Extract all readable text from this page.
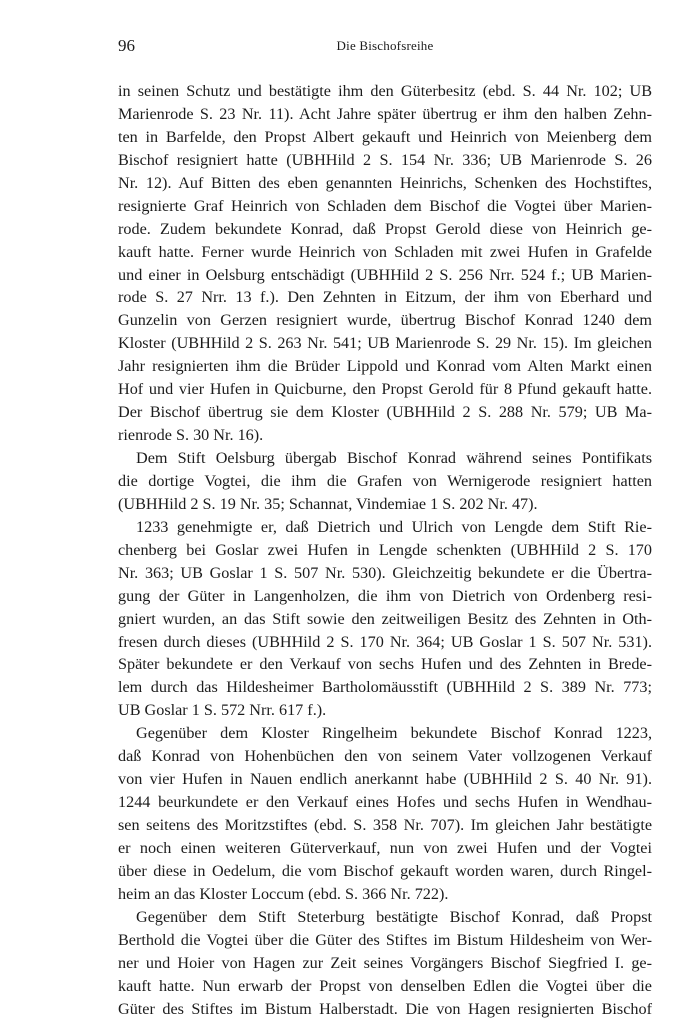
96	Die Bischofsreihe
in seinen Schutz und bestätigte ihm den Güterbesitz (ebd. S. 44 Nr. 102; UB
Marienrode S. 23 Nr. 11). Acht Jahre später übertrug er ihm den halben Zehn-
ten in Barfelde, den Propst Albert gekauft und Heinrich von Meienberg dem
Bischof resigniert hatte (UBHHild 2 S. 154 Nr. 336; UB Marienrode S. 26
Nr. 12). Auf Bitten des eben genannten Heinrichs, Schenken des Hochstiftes,
resignierte Graf Heinrich von Schladen dem Bischof die Vogtei über Marien-
rode. Zudem bekundete Konrad, daß Propst Gerold diese von Heinrich ge-
kauft hatte. Ferner wurde Heinrich von Schladen mit zwei Hufen in Grafelde
und einer in Oelsburg entschädigt (UBHHild 2 S. 256 Nrr. 524 f.; UB Marien-
rode S. 27 Nrr. 13 f.). Den Zehnten in Eitzum, der ihm von Eberhard und
Gunzelin von Gerzen resigniert wurde, übertrug Bischof Konrad 1240 dem
Kloster (UBHHild 2 S. 263 Nr. 541; UB Marienrode S. 29 Nr. 15). Im gleichen
Jahr resignierten ihm die Brüder Lippold und Konrad vom Alten Markt einen
Hof und vier Hufen in Quicburne, den Propst Gerold für 8 Pfund gekauft hatte.
Der Bischof übertrug sie dem Kloster (UBHHild 2 S. 288 Nr. 579; UB Ma-
rienrode S. 30 Nr. 16).
Dem Stift Oelsburg übergab Bischof Konrad während seines Pontifikats
die dortige Vogtei, die ihm die Grafen von Wernigerode resigniert hatten
(UBHHild 2 S. 19 Nr. 35; Schannat, Vindemiae 1 S. 202 Nr. 47).
1233 genehmigte er, daß Dietrich und Ulrich von Lengde dem Stift Rie-
chenberg bei Goslar zwei Hufen in Lengde schenkten (UBHHild 2 S. 170
Nr. 363; UB Goslar 1 S. 507 Nr. 530). Gleichzeitig bekundete er die Übertra-
gung der Güter in Langenholzen, die ihm von Dietrich von Ordenberg resi-
gniert wurden, an das Stift sowie den zeitweiligen Besitz des Zehnten in Oth-
fresen durch dieses (UBHHild 2 S. 170 Nr. 364; UB Goslar 1 S. 507 Nr. 531).
Später bekundete er den Verkauf von sechs Hufen und des Zehnten in Brede-
lem durch das Hildesheimer Bartholomäusstift (UBHHild 2 S. 389 Nr. 773;
UB Goslar 1 S. 572 Nrr. 617 f.).
Gegenüber dem Kloster Ringelheim bekundete Bischof Konrad 1223,
daß Konrad von Hohenbüchen den von seinem Vater vollzogenen Verkauf
von vier Hufen in Nauen endlich anerkannt habe (UBHHild 2 S. 40 Nr. 91).
1244 beurkundete er den Verkauf eines Hofes und sechs Hufen in Wendhau-
sen seitens des Moritzstiftes (ebd. S. 358 Nr. 707). Im gleichen Jahr bestätigte
er noch einen weiteren Güterverkauf, nun von zwei Hufen und der Vogtei
über diese in Oedelum, die vom Bischof gekauft worden waren, durch Ringel-
heim an das Kloster Loccum (ebd. S. 366 Nr. 722).
Gegenüber dem Stift Steterburg bestätigte Bischof Konrad, daß Propst
Berthold die Vogtei über die Güter des Stiftes im Bistum Hildesheim von Wer-
ner und Hoier von Hagen zur Zeit seines Vorgängers Bischof Siegfried I. ge-
kauft hatte. Nun erwarb der Propst von denselben Edlen die Vogtei über die
Güter des Stiftes im Bistum Halberstadt. Die von Hagen resignierten Bischof
